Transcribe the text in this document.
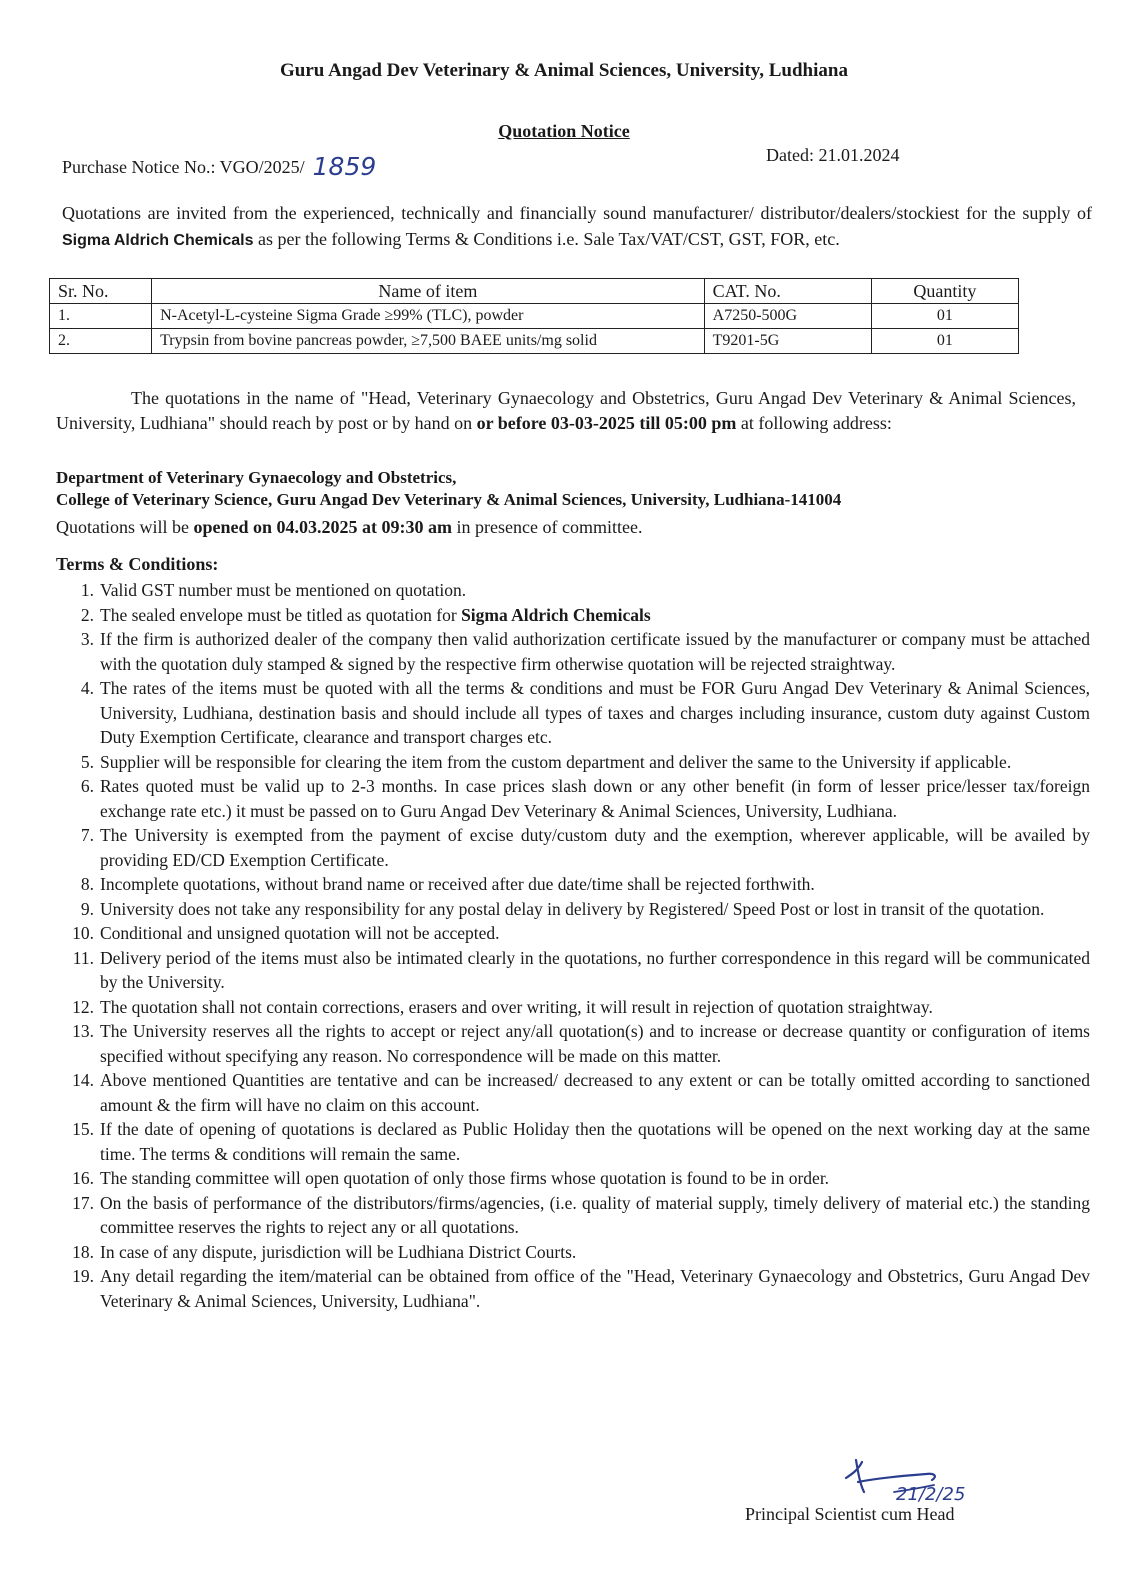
Guru Angad Dev Veterinary & Animal Sciences, University, Ludhiana
Quotation Notice
Purchase Notice No.: VGO/2025/ 1859	Dated: 21.01.2024
Quotations are invited from the experienced, technically and financially sound manufacturer/ distributor/dealers/stockiest for the supply of Sigma Aldrich Chemicals as per the following Terms & Conditions i.e. Sale Tax/VAT/CST, GST, FOR, etc.
Sr. No.	Name of item	CAT. No.	Quantity
1.	N-Acetyl-L-cysteine Sigma Grade ≥99% (TLC), powder	A7250-500G	01
2.	Trypsin from bovine pancreas powder, ≥7,500 BAEE units/mg solid	T9201-5G	01
The quotations in the name of "Head, Veterinary Gynaecology and Obstetrics, Guru Angad Dev Veterinary & Animal Sciences, University, Ludhiana" should reach by post or by hand on or before 03-03-2025 till 05:00 pm at following address:
Department of Veterinary Gynaecology and Obstetrics,
College of Veterinary Science, Guru Angad Dev Veterinary & Animal Sciences, University, Ludhiana-141004
Quotations will be opened on 04.03.2025 at 09:30 am in presence of committee.
Terms & Conditions:
1. Valid GST number must be mentioned on quotation.
2. The sealed envelope must be titled as quotation for Sigma Aldrich Chemicals
3. If the firm is authorized dealer of the company then valid authorization certificate issued by the manufacturer or company must be attached with the quotation duly stamped & signed by the respective firm otherwise quotation will be rejected straightway.
4. The rates of the items must be quoted with all the terms & conditions and must be FOR Guru Angad Dev Veterinary & Animal Sciences, University, Ludhiana, destination basis and should include all types of taxes and charges including insurance, custom duty against Custom Duty Exemption Certificate, clearance and transport charges etc.
5. Supplier will be responsible for clearing the item from the custom department and deliver the same to the University if applicable.
6. Rates quoted must be valid up to 2-3 months. In case prices slash down or any other benefit (in form of lesser price/lesser tax/foreign exchange rate etc.) it must be passed on to Guru Angad Dev Veterinary & Animal Sciences, University, Ludhiana.
7. The University is exempted from the payment of excise duty/custom duty and the exemption, wherever applicable, will be availed by providing ED/CD Exemption Certificate.
8. Incomplete quotations, without brand name or received after due date/time shall be rejected forthwith.
9. University does not take any responsibility for any postal delay in delivery by Registered/ Speed Post or lost in transit of the quotation.
10. Conditional and unsigned quotation will not be accepted.
11. Delivery period of the items must also be intimated clearly in the quotations, no further correspondence in this regard will be communicated by the University.
12. The quotation shall not contain corrections, erasers and over writing, it will result in rejection of quotation straightway.
13. The University reserves all the rights to accept or reject any/all quotation(s) and to increase or decrease quantity or configuration of items specified without specifying any reason. No correspondence will be made on this matter.
14. Above mentioned Quantities are tentative and can be increased/ decreased to any extent or can be totally omitted according to sanctioned amount & the firm will have no claim on this account.
15. If the date of opening of quotations is declared as Public Holiday then the quotations will be opened on the next working day at the same time. The terms & conditions will remain the same.
16. The standing committee will open quotation of only those firms whose quotation is found to be in order.
17. On the basis of performance of the distributors/firms/agencies, (i.e. quality of material supply, timely delivery of material etc.) the standing committee reserves the rights to reject any or all quotations.
18. In case of any dispute, jurisdiction will be Ludhiana District Courts.
19. Any detail regarding the item/material can be obtained from office of the "Head, Veterinary Gynaecology and Obstetrics, Guru Angad Dev Veterinary & Animal Sciences, University, Ludhiana".
21/2/25
Principal Scientist cum Head
